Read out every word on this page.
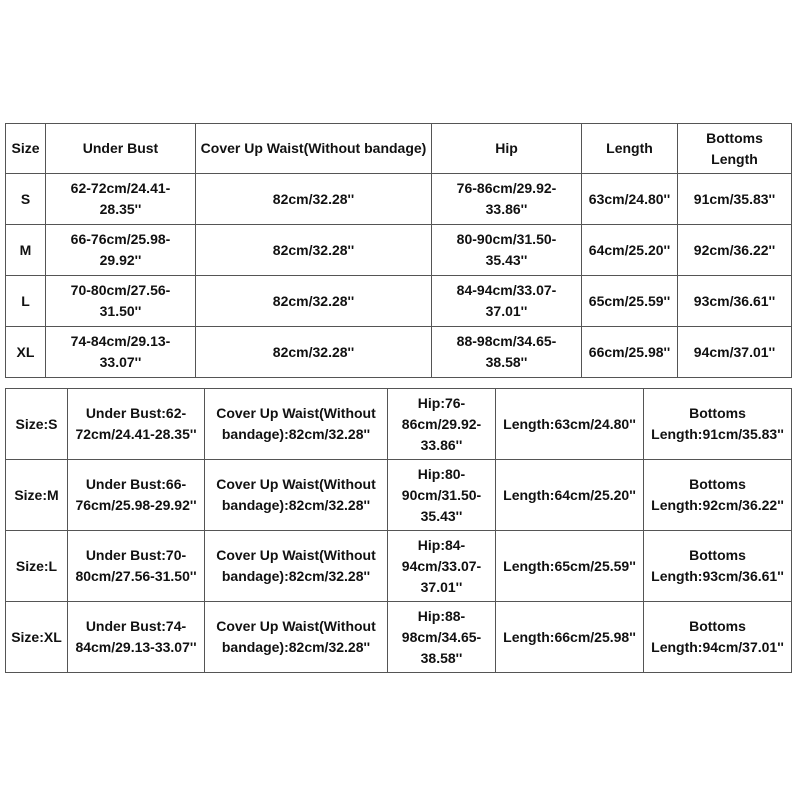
Size	Under Bust	Cover Up Waist(Without bandage)	Hip	Length	Bottoms Length
S	62-72cm/24.41-28.35''	82cm/32.28''	76-86cm/29.92-33.86''	63cm/24.80''	91cm/35.83''
M	66-76cm/25.98-29.92''	82cm/32.28''	80-90cm/31.50-35.43''	64cm/25.20''	92cm/36.22''
L	70-80cm/27.56-31.50''	82cm/32.28''	84-94cm/33.07-37.01''	65cm/25.59''	93cm/36.61''
XL	74-84cm/29.13-33.07''	82cm/32.28''	88-98cm/34.65-38.58''	66cm/25.98''	94cm/37.01''
Size:S	Under Bust:62-72cm/24.41-28.35''	Cover Up Waist(Without bandage):82cm/32.28''	Hip:76-86cm/29.92-33.86''	Length:63cm/24.80''	Bottoms Length:91cm/35.83''
Size:M	Under Bust:66-76cm/25.98-29.92''	Cover Up Waist(Without bandage):82cm/32.28''	Hip:80-90cm/31.50-35.43''	Length:64cm/25.20''	Bottoms Length:92cm/36.22''
Size:L	Under Bust:70-80cm/27.56-31.50''	Cover Up Waist(Without bandage):82cm/32.28''	Hip:84-94cm/33.07-37.01''	Length:65cm/25.59''	Bottoms Length:93cm/36.61''
Size:XL	Under Bust:74-84cm/29.13-33.07''	Cover Up Waist(Without bandage):82cm/32.28''	Hip:88-98cm/34.65-38.58''	Length:66cm/25.98''	Bottoms Length:94cm/37.01''
